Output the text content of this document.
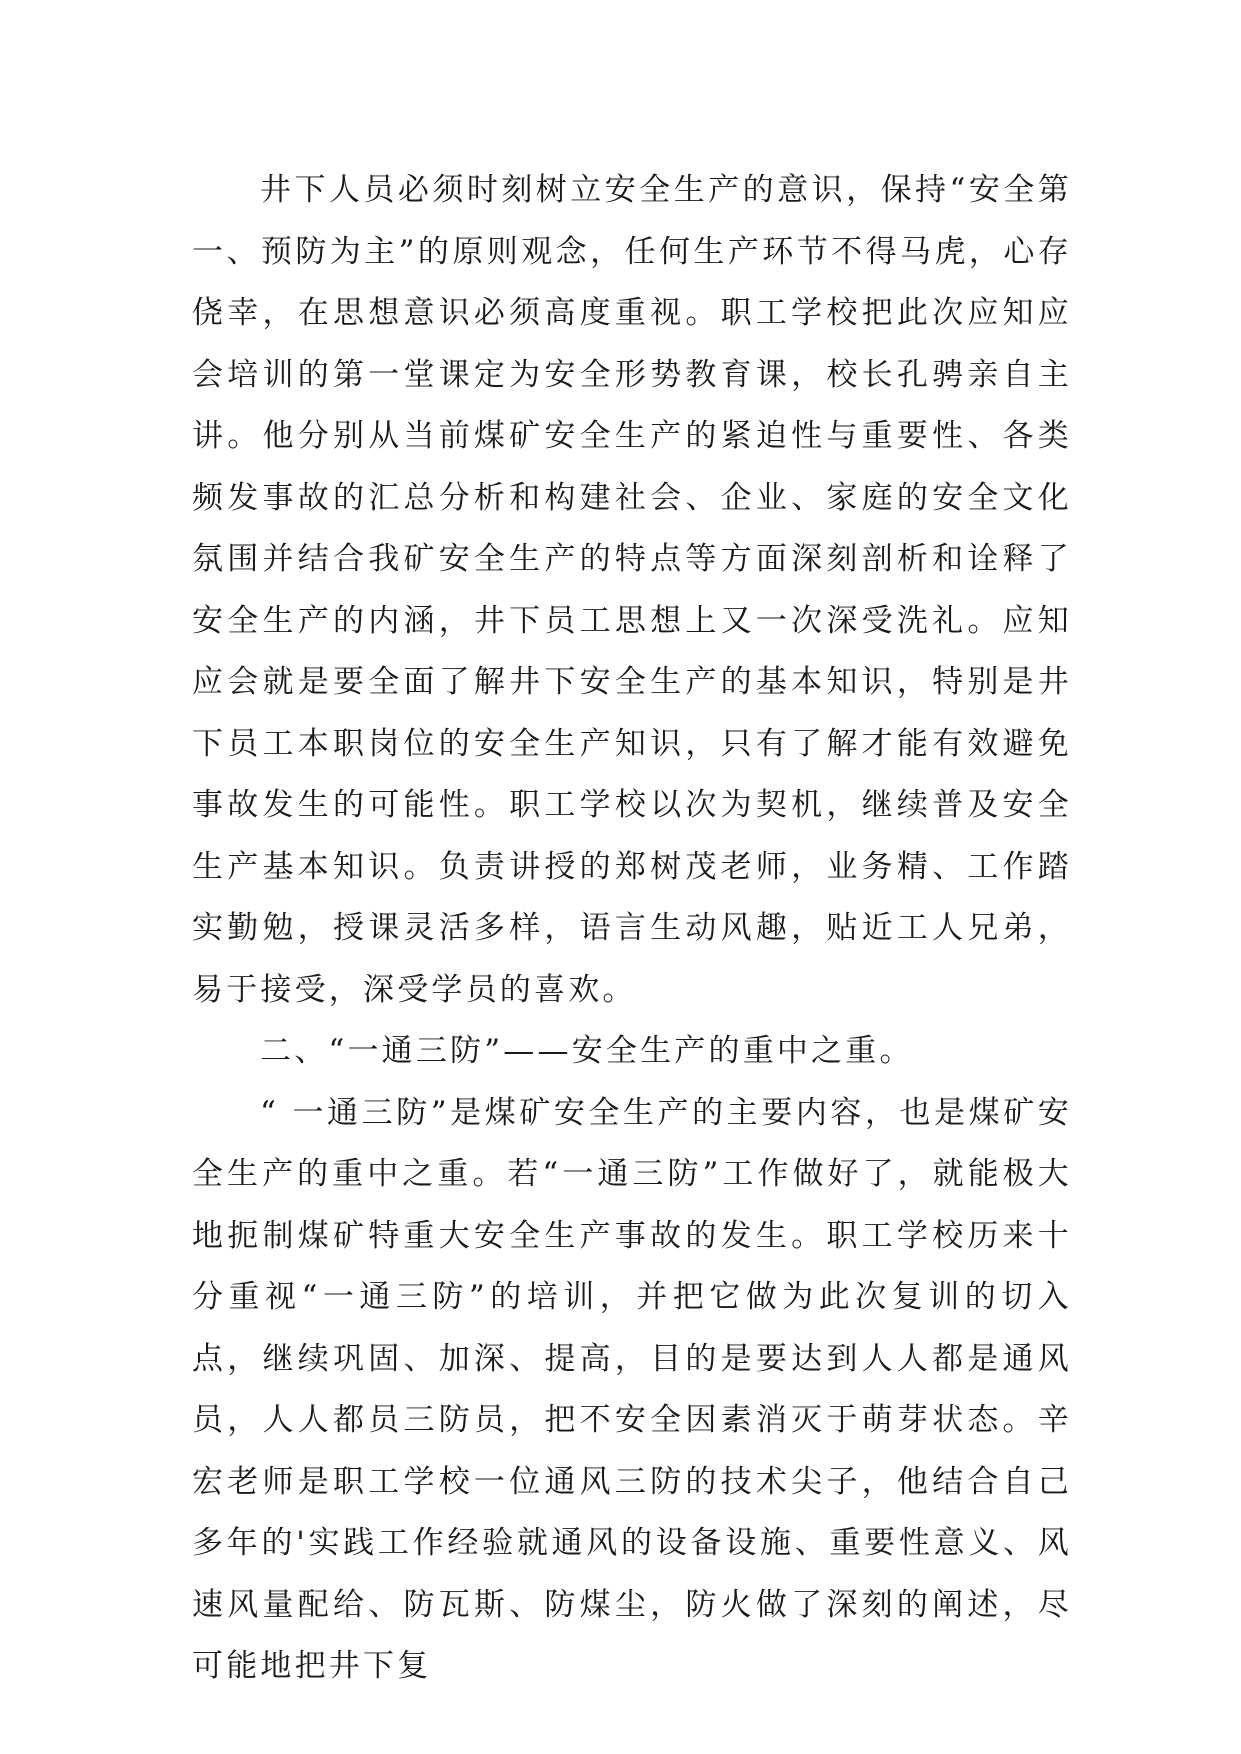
井下人员必须时刻树立安全生产的意识，保持“安全第一、预防为主”的原则观念，任何生产环节不得马虎，心存侥幸，在思想意识必须高度重视。职工学校把此次应知应会培训的第一堂课定为安全形势教育课，校长孔骋亲自主讲。他分别从当前煤矿安全生产的紧迫性与重要性、各类频发事故的汇总分析和构建社会、企业、家庭的安全文化氛围并结合我矿安全生产的特点等方面深刻剖析和诠释了安全生产的内涵，井下员工思想上又一次深受洗礼。应知应会就是要全面了解井下安全生产的基本知识，特别是井下员工本职岗位的安全生产知识，只有了解才能有效避免事故发生的可能性。职工学校以次为契机，继续普及安全生产基本知识。负责讲授的郑树茂老师，业务精、工作踏实勤勉，授课灵活多样，语言生动风趣，贴近工人兄弟，易于接受，深受学员的喜欢。

二、“一通三防”——安全生产的重中之重。

“ 一通三防”是煤矿安全生产的主要内容，也是煤矿安全生产的重中之重。若“一通三防”工作做好了，就能极大地扼制煤矿特重大安全生产事故的发生。职工学校历来十分重视“一通三防”的培训，并把它做为此次复训的切入点，继续巩固、加深、提高，目的是要达到人人都是通风员，人人都员三防员，把不安全因素消灭于萌芽状态。辛宏老师是职工学校一位通风三防的技术尖子，他结合自己多年的'实践工作经验就通风的设备设施、重要性意义、风速风量配给、防瓦斯、防煤尘，防火做了深刻的阐述，尽可能地把井下复
